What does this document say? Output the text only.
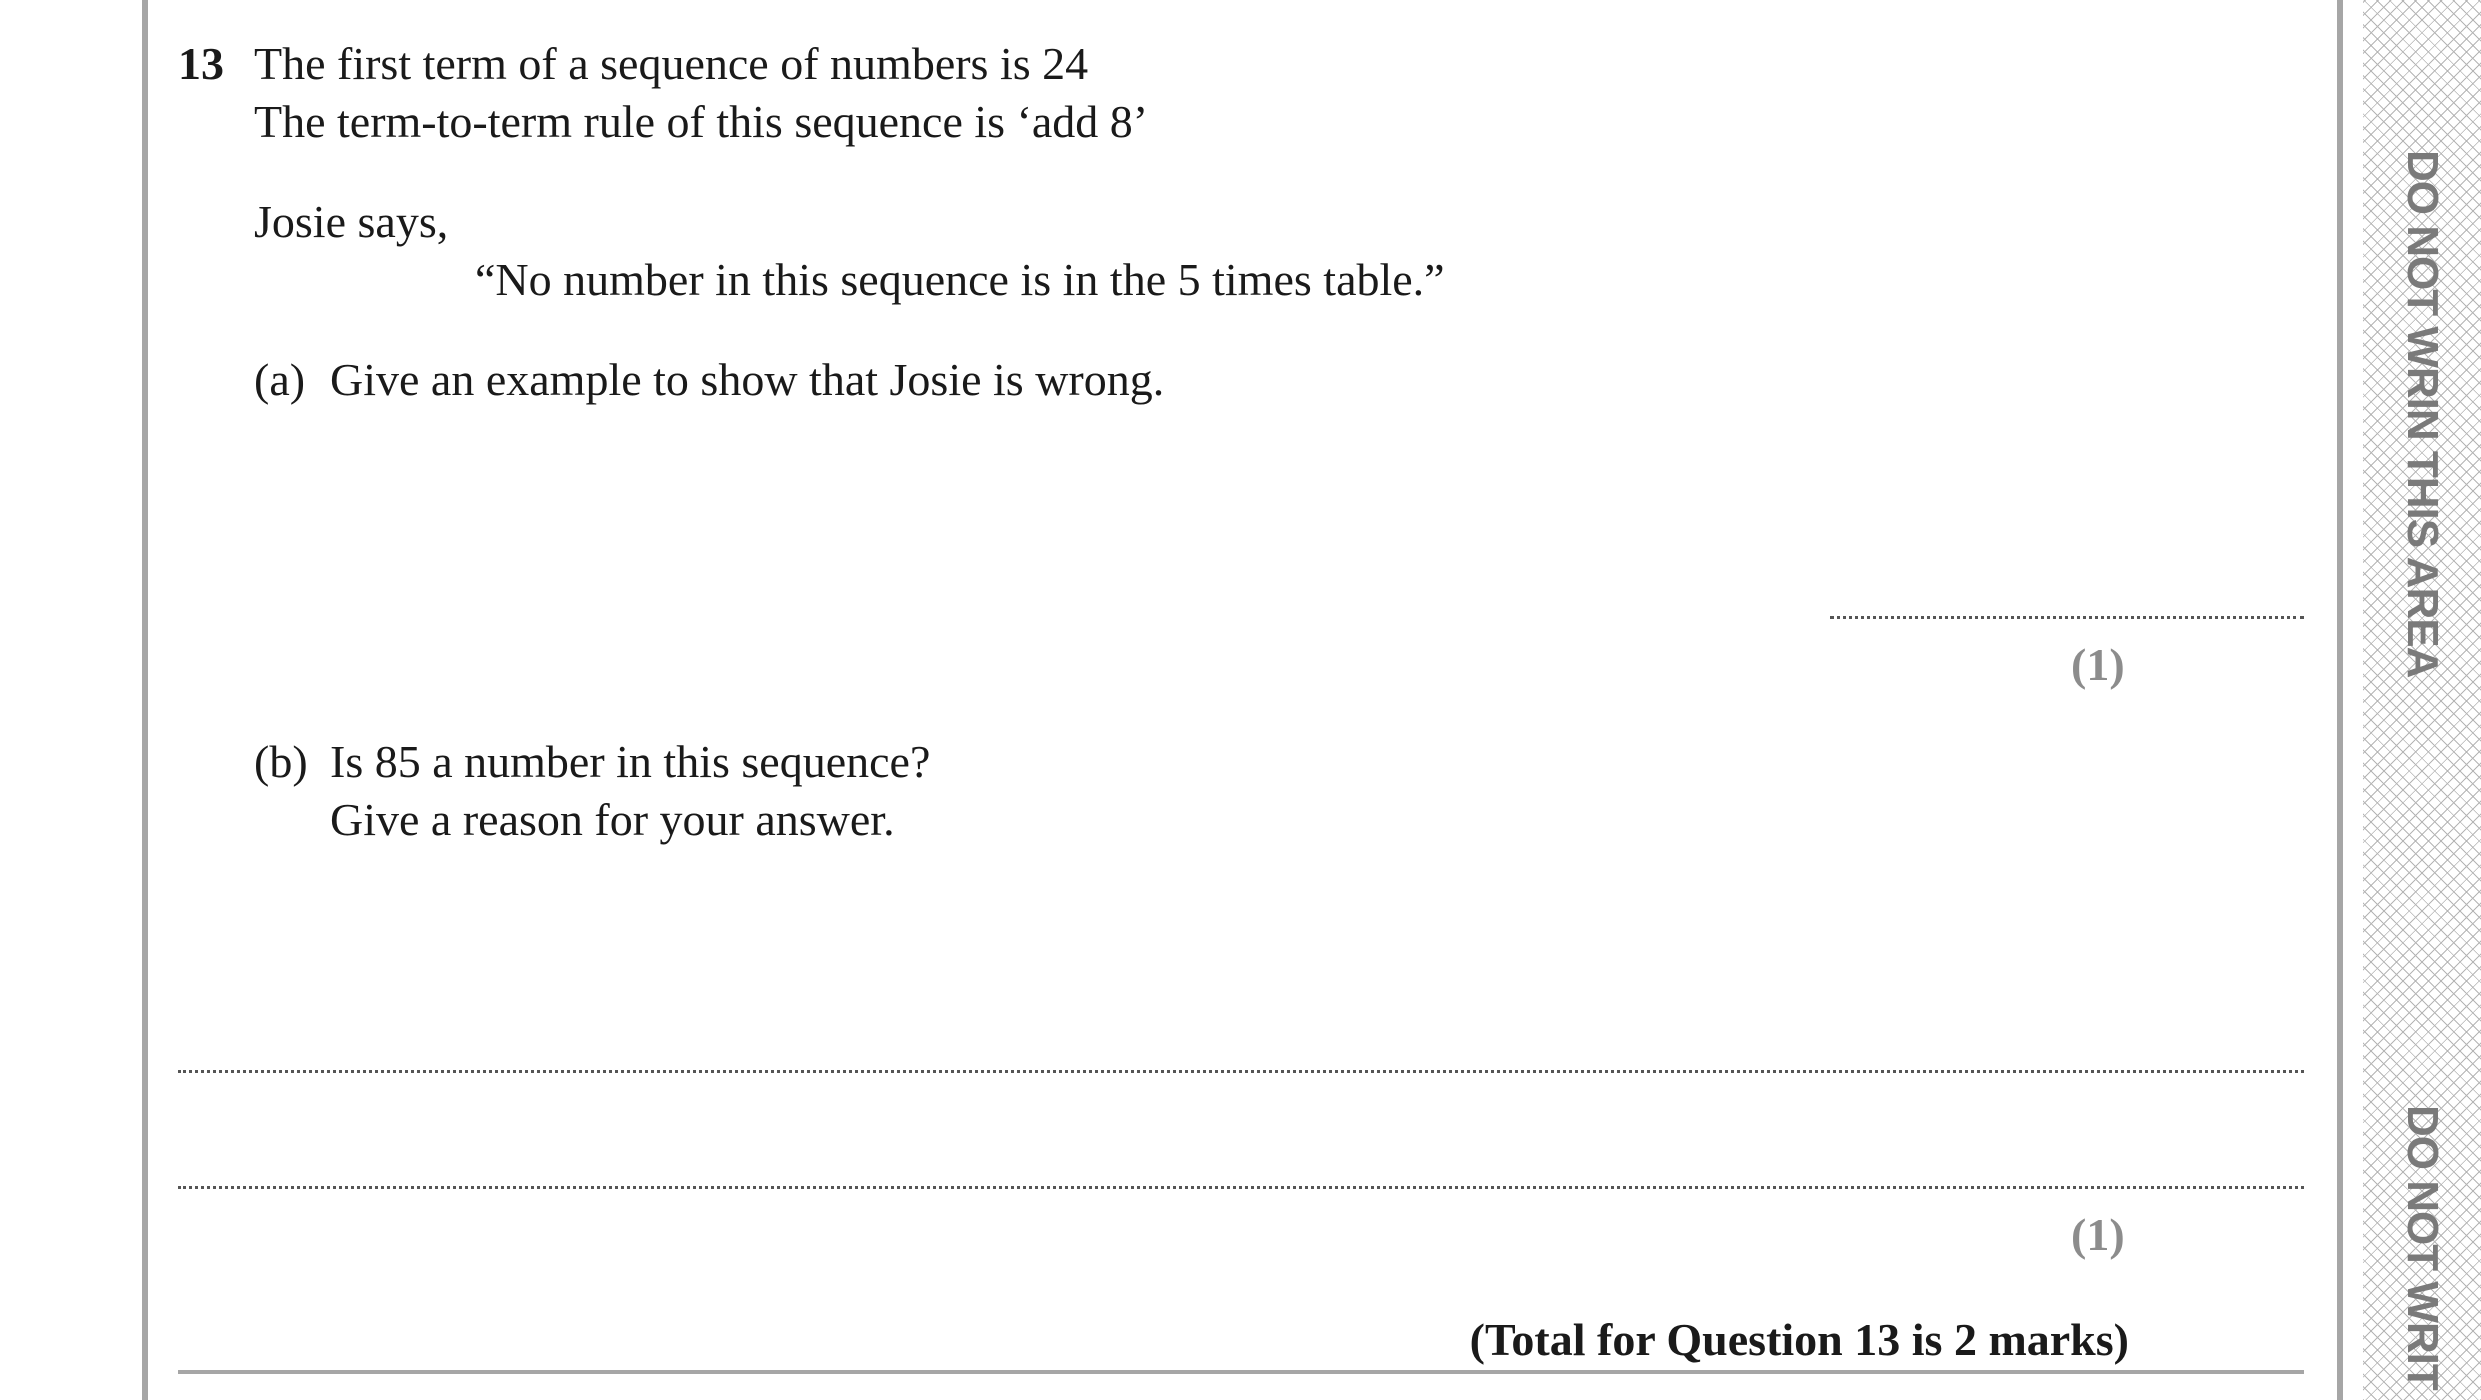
DO NOT WRIN THIS AREA
DO NOT WRIT
13 The first term of a sequence of numbers is 24
The term-to-term rule of this sequence is ‘add 8’
Josie says,
“No number in this sequence is in the 5 times table.”
(a) Give an example to show that Josie is wrong.
(1)
(b) Is 85 a number in this sequence?
Give a reason for your answer.
(1)
(Total for Question 13 is 2 marks)
